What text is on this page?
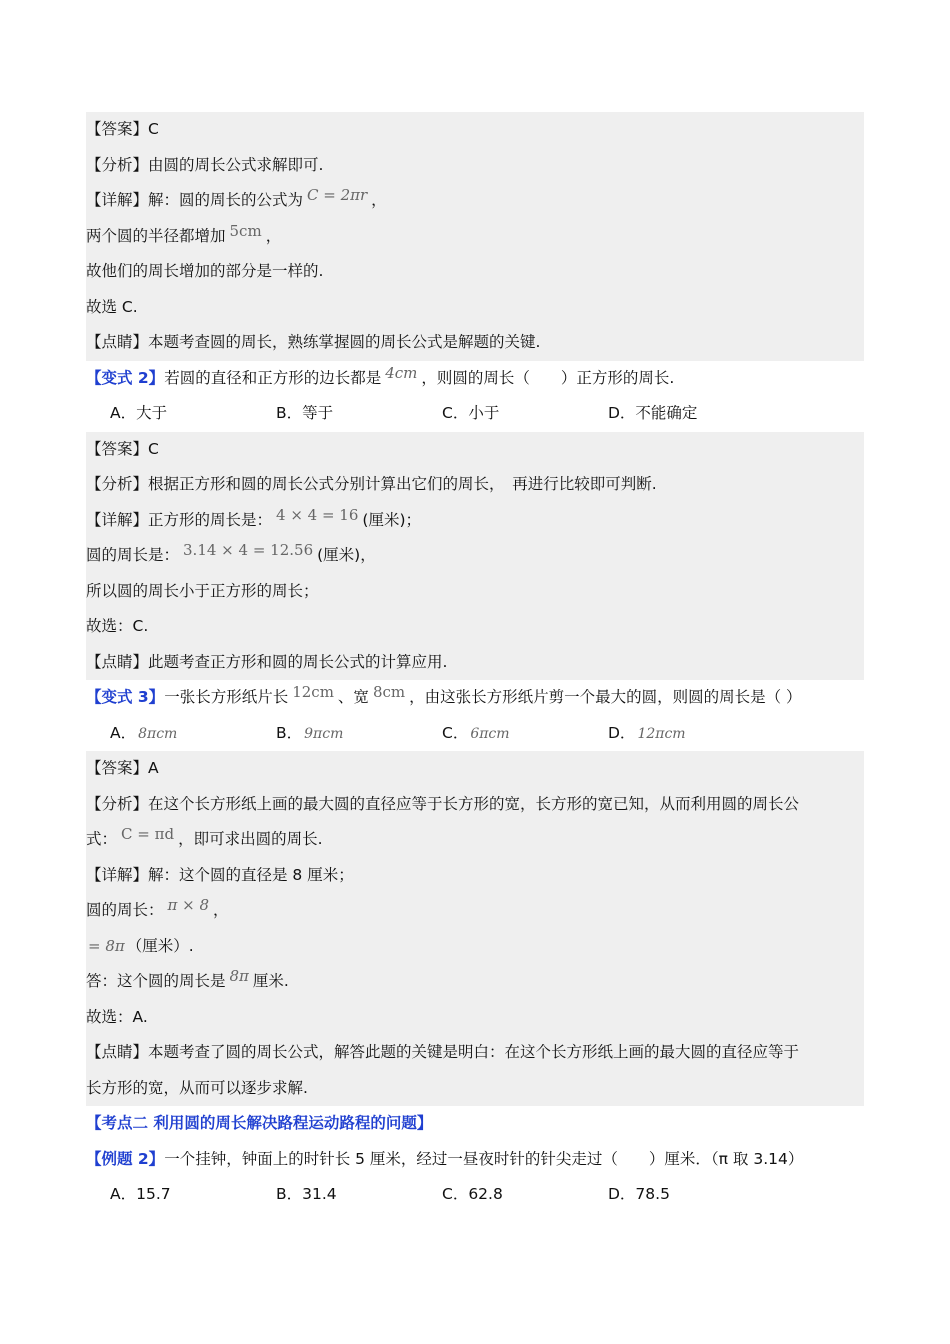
【答案】C
【分析】由圆的周长公式求解即可.
【详解】解：圆的周长的公式为 C = 2πr ，
两个圆的半径都增加 5cm ，
故他们的周长增加的部分是一样的.
故选 C.
【点睛】本题考查圆的周长，熟练掌握圆的周长公式是解题的关键.
【变式 2】若圆的直径和正方形的边长都是 4cm ，则圆的周长（　　）正方形的周长.
A．大于	B．等于	C．小于	D．不能确定
【答案】C
【分析】根据正方形和圆的周长公式分别计算出它们的周长，　再进行比较即可判断.
【详解】正方形的周长是： 4 × 4 = 16 (厘米)；
圆的周长是： 3.14 × 4 = 12.56 (厘米)，
所以圆的周长小于正方形的周长；
故选：C.
【点睛】此题考查正方形和圆的周长公式的计算应用.
【变式 3】一张长方形纸片长 12cm 、宽 8cm ，由这张长方形纸片剪一个最大的圆，则圆的周长是（ ）
A． 8πcm	B． 9πcm	C． 6πcm	D． 12πcm
【答案】A
【分析】在这个长方形纸上画的最大圆的直径应等于长方形的宽，长方形的宽已知，从而利用圆的周长公
式： C = πd ，即可求出圆的周长.
【详解】解：这个圆的直径是 8 厘米；
圆的周长： π × 8 ，
= 8π （厘米）.
答：这个圆的周长是 8π 厘米.
故选：A.
【点睛】本题考查了圆的周长公式，解答此题的关键是明白：在这个长方形纸上画的最大圆的直径应等于
长方形的宽，从而可以逐步求解.
【考点二 利用圆的周长解决路程运动路程的问题】
【例题 2】一个挂钟，钟面上的时针长 5 厘米，经过一昼夜时针的针尖走过（　　）厘米．（π 取 3.14）
A．15.7	B．31.4	C．62.8	D．78.5
